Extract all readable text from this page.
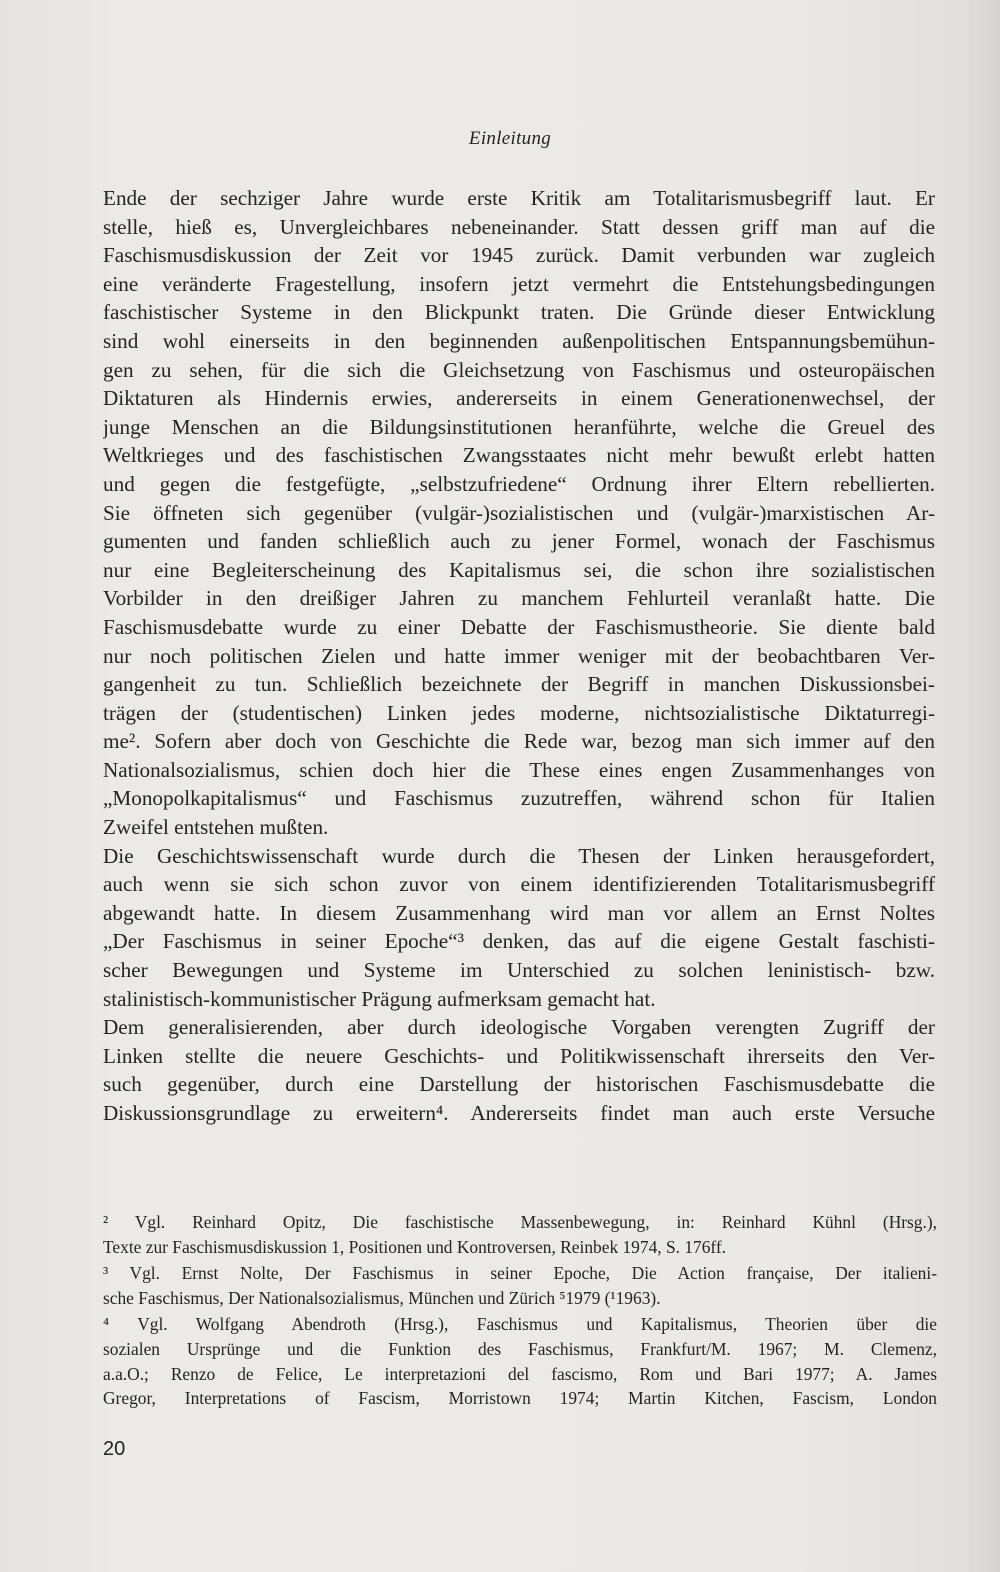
Einleitung
Ende der sechziger Jahre wurde erste Kritik am Totalitarismusbegriff laut. Er
stelle, hieß es, Unvergleichbares nebeneinander. Statt dessen griff man auf die
Faschismusdiskussion der Zeit vor 1945 zurück. Damit verbunden war zugleich
eine veränderte Fragestellung, insofern jetzt vermehrt die Entstehungsbedingungen
faschistischer Systeme in den Blickpunkt traten. Die Gründe dieser Entwicklung
sind wohl einerseits in den beginnenden außenpolitischen Entspannungsbemühun-
gen zu sehen, für die sich die Gleichsetzung von Faschismus und osteuropäischen
Diktaturen als Hindernis erwies, andererseits in einem Generationenwechsel, der
junge Menschen an die Bildungsinstitutionen heranführte, welche die Greuel des
Weltkrieges und des faschistischen Zwangsstaates nicht mehr bewußt erlebt hatten
und gegen die festgefügte, „selbstzufriedene“ Ordnung ihrer Eltern rebellierten.
Sie öffneten sich gegenüber (vulgär-)sozialistischen und (vulgär-)marxistischen Ar-
gumenten und fanden schließlich auch zu jener Formel, wonach der Faschismus
nur eine Begleiterscheinung des Kapitalismus sei, die schon ihre sozialistischen
Vorbilder in den dreißiger Jahren zu manchem Fehlurteil veranlaßt hatte. Die
Faschismusdebatte wurde zu einer Debatte der Faschismustheorie. Sie diente bald
nur noch politischen Zielen und hatte immer weniger mit der beobachtbaren Ver-
gangenheit zu tun. Schließlich bezeichnete der Begriff in manchen Diskussionsbei-
trägen der (studentischen) Linken jedes moderne, nichtsozialistische Diktaturregi-
me². Sofern aber doch von Geschichte die Rede war, bezog man sich immer auf den
Nationalsozialismus, schien doch hier die These eines engen Zusammenhanges von
„Monopolkapitalismus“ und Faschismus zuzutreffen, während schon für Italien
Zweifel entstehen mußten.
Die Geschichtswissenschaft wurde durch die Thesen der Linken herausgefordert,
auch wenn sie sich schon zuvor von einem identifizierenden Totalitarismusbegriff
abgewandt hatte. In diesem Zusammenhang wird man vor allem an Ernst Noltes
„Der Faschismus in seiner Epoche“³ denken, das auf die eigene Gestalt faschisti-
scher Bewegungen und Systeme im Unterschied zu solchen leninistisch- bzw.
stalinistisch-kommunistischer Prägung aufmerksam gemacht hat.
Dem generalisierenden, aber durch ideologische Vorgaben verengten Zugriff der
Linken stellte die neuere Geschichts- und Politikwissenschaft ihrerseits den Ver-
such gegenüber, durch eine Darstellung der historischen Faschismusdebatte die
Diskussionsgrundlage zu erweitern⁴. Andererseits findet man auch erste Versuche
² Vgl. Reinhard Opitz, Die faschistische Massenbewegung, in: Reinhard Kühnl (Hrsg.),
Texte zur Faschismusdiskussion 1, Positionen und Kontroversen, Reinbek 1974, S. 176ff.
³ Vgl. Ernst Nolte, Der Faschismus in seiner Epoche, Die Action française, Der italieni-
sche Faschismus, Der Nationalsozialismus, München und Zürich ⁵1979 (¹1963).
⁴ Vgl. Wolfgang Abendroth (Hrsg.), Faschismus und Kapitalismus, Theorien über die
sozialen Ursprünge und die Funktion des Faschismus, Frankfurt/M. 1967; M. Clemenz,
a.a.O.; Renzo de Felice, Le interpretazioni del fascismo, Rom und Bari 1977; A. James
Gregor, Interpretations of Fascism, Morristown 1974; Martin Kitchen, Fascism, London
20
